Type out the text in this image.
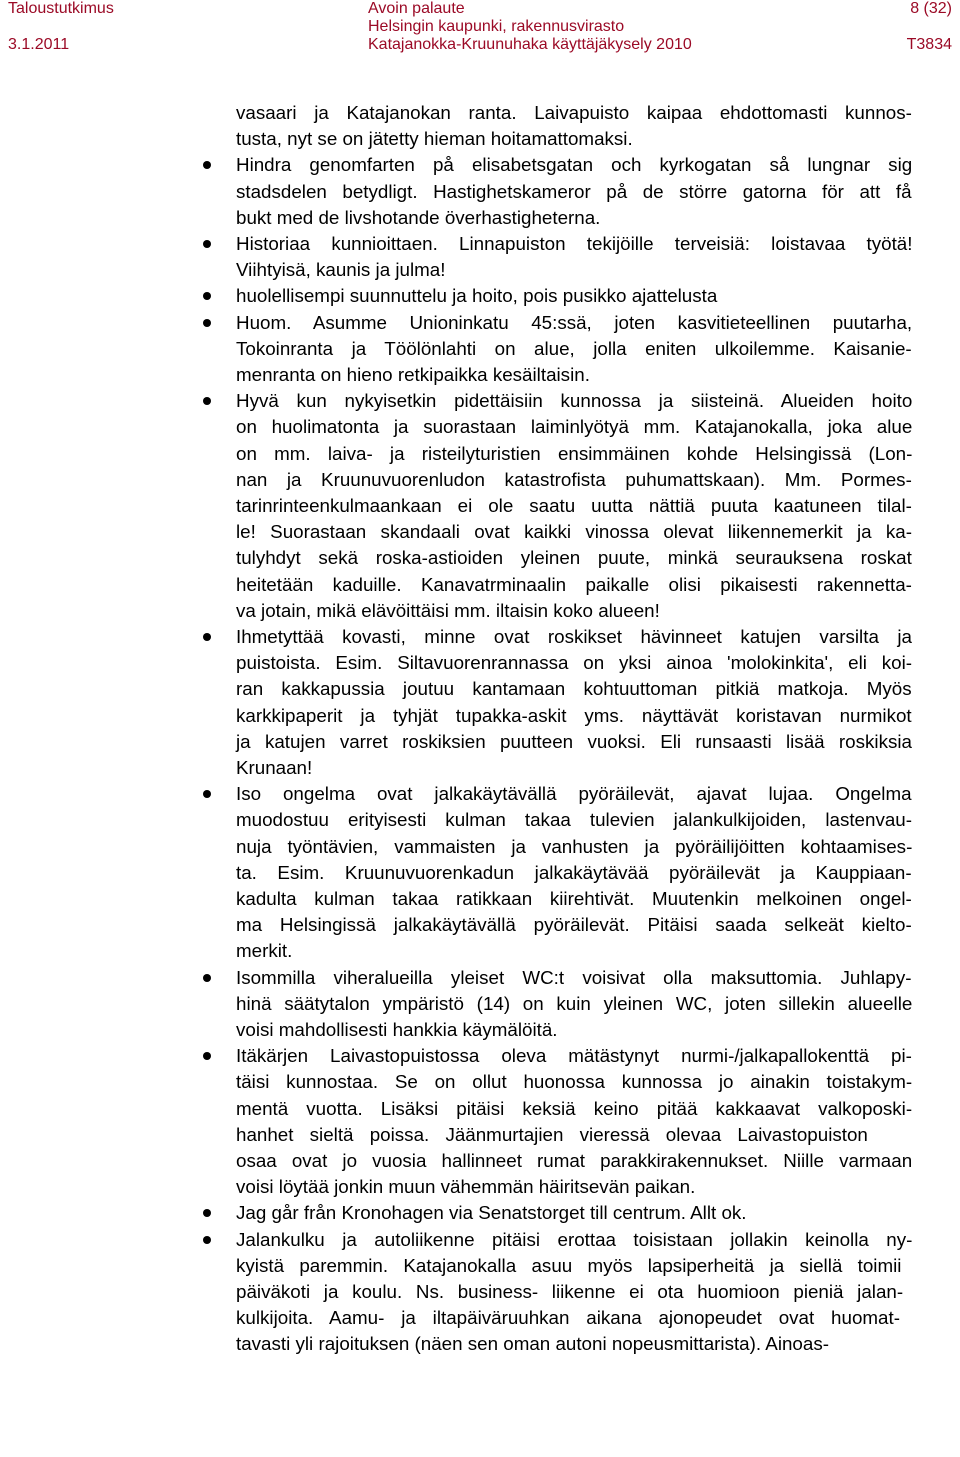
Taloustutkimus
3.1.2011
Avoin palaute
Helsingin kaupunki, rakennusvirasto
Katajanokka-Kruunuhaka käyttäjäkysely 2010
8 (32)
T3834
vasaari ja Katajanokan ranta. Laivapuisto kaipaa ehdottomasti kunnos-
tusta, nyt se on jätetty hieman hoitamattomaksi.
Hindra genomfarten på elisabetsgatan och kyrkogatan så lungnar sig
stadsdelen betydligt. Hastighetskameror på de större gatorna för att få
bukt med de livshotande överhastigheterna.
Historiaa kunnioittaen. Linnapuiston tekijöille terveisiä: loistavaa työtä!
Viihtyisä, kaunis ja julma!
huolellisempi suunnuttelu ja hoito, pois pusikko ajattelusta
Huom. Asumme Unioninkatu 45:ssä, joten kasvitieteellinen puutarha,
Tokoinranta ja Töölönlahti on alue, jolla eniten ulkoilemme. Kaisanie-
menranta on hieno retkipaikka kesäiltaisin.
Hyvä kun nykyisetkin pidettäisiin kunnossa ja siisteinä. Alueiden hoito
on huolimatonta ja suorastaan laiminlyötyä mm. Katajanokalla, joka alue
on mm. laiva- ja risteilyturistien ensimmäinen kohde Helsingissä (Lon-
nan ja Kruunuvuorenludon katastrofista puhumattskaan). Mm. Pormes-
tarinrinteenkulmaankaan ei ole saatu uutta nättiä puuta kaatuneen tilal-
le! Suorastaan skandaali ovat kaikki vinossa olevat liikennemerkit ja ka-
tulyhdyt sekä roska-astioiden yleinen puute, minkä seurauksena roskat
heitetään kaduille. Kanavatrminaalin paikalle olisi pikaisesti rakennetta-
va jotain, mikä elävöittäisi mm. iltaisin koko alueen!
Ihmetyttää kovasti, minne ovat roskikset hävinneet katujen varsilta ja
puistoista. Esim. Siltavuorenrannassa on yksi ainoa 'molokinkita', eli koi-
ran kakkapussia joutuu kantamaan kohtuuttoman pitkiä matkoja. Myös
karkkipaperit ja tyhjät tupakka-askit yms. näyttävät koristavan nurmikot
ja katujen varret roskiksien puutteen vuoksi. Eli runsaasti lisää roskiksia
Krunaan!
Iso ongelma ovat jalkakäytävällä pyöräilevät, ajavat lujaa. Ongelma
muodostuu erityisesti kulman takaa tulevien jalankulkijoiden, lastenvau-
nuja työntävien, vammaisten ja vanhusten ja pyöräilijöitten kohtaamises-
ta. Esim. Kruunuvuorenkadun jalkakäytävää pyöräilevät ja Kauppiaan-
kadulta kulman takaa ratikkaan kiirehtivät. Muutenkin melkoinen ongel-
ma Helsingissä jalkakäytävällä pyöräilevät. Pitäisi saada selkeät kielto-
merkit.
Isommilla viheralueilla yleiset WC:t voisivat olla maksuttomia. Juhlapy-
hinä säätytalon ympäristö (14) on kuin yleinen WC, joten sillekin alueelle
voisi mahdollisesti hankkia käymälöitä.
Itäkärjen Laivastopuistossa oleva mätästynyt nurmi-/jalkapallokenttä pi-
täisi kunnostaa. Se on ollut huonossa kunnossa jo ainakin toistakym-
mentä vuotta. Lisäksi pitäisi keksiä keino pitää kakkaavat valkoposki-
hanhet sieltä poissa. Jäänmurtajien vieressä olevaa Laivastopuiston
osaa ovat jo vuosia hallinneet rumat parakkirakennukset. Niille varmaan
voisi löytää jonkin muun vähemmän häiritsevän paikan.
Jag går från Kronohagen via Senatstorget till centrum. Allt ok.
Jalankulku ja autoliikenne pitäisi erottaa toisistaan jollakin keinolla ny-
kyistä paremmin. Katajanokalla asuu myös lapsiperheitä ja siellä toimii
päiväkoti ja koulu. Ns. business- liikenne ei ota huomioon pieniä jalan-
kulkijoita. Aamu- ja iltapäiväruuhkan aikana ajonopeudet ovat huomat-
tavasti yli rajoituksen (näen sen oman autoni nopeusmittarista). Ainoas-
